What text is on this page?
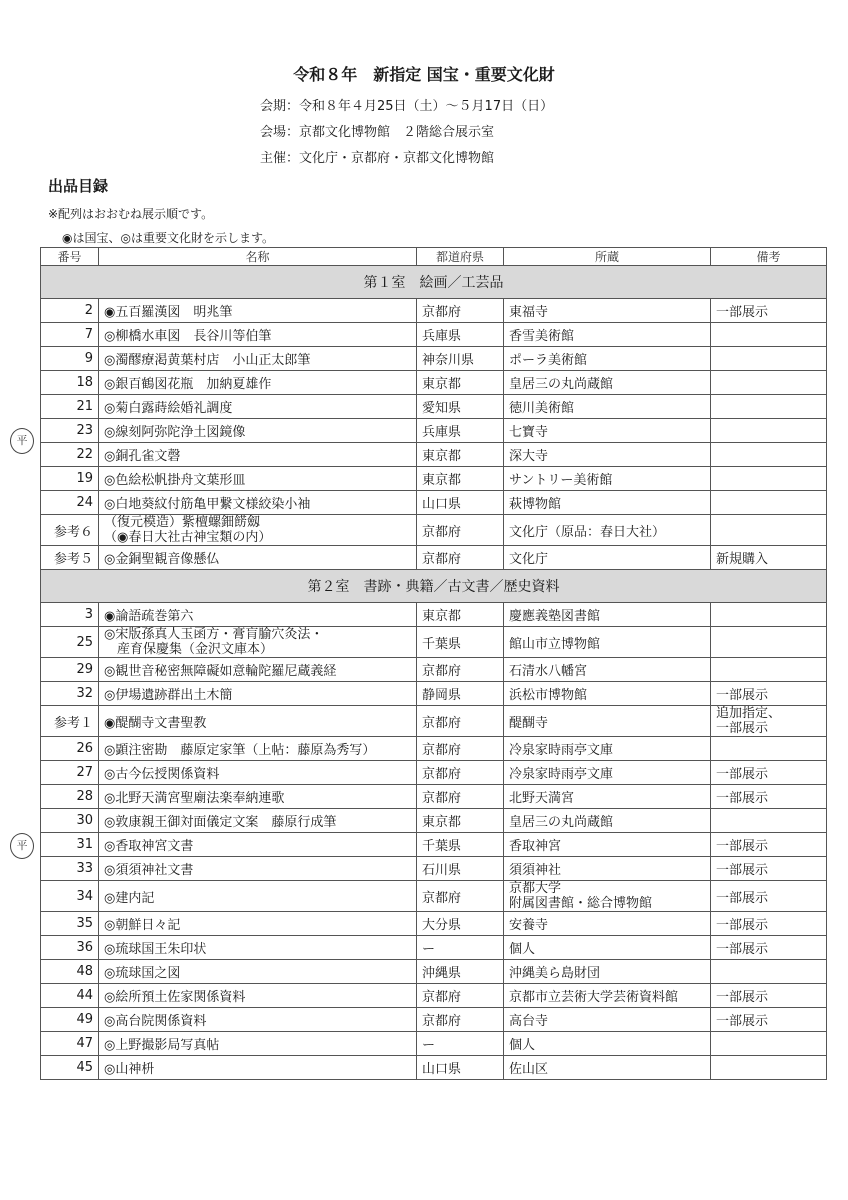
令和８年　新指定 国宝・重要文化財
会期：令和８年４月25日（土）～５月17日（日）
会場：京都文化博物館　２階総合展示室
主催：文化庁・京都府・京都文化博物館
出品目録
※配列はおおむね展示順です。
◉は国宝、◎は重要文化財を示します。
平
平
番号	名称	都道府県	所蔵	備考
第１室　絵画／工芸品				
2	◉五百羅漢図　明兆筆	京都府	東福寺	一部展示
7	◎柳橋水車図　長谷川等伯筆	兵庫県	香雪美術館	
9	◎濁醪療渇黄葉村店　小山正太郎筆	神奈川県	ポーラ美術館	
18	◎銀百鶴図花瓶　加納夏雄作	東京都	皇居三の丸尚蔵館	
21	◎菊白露蒔絵婚礼調度	愛知県	徳川美術館	
23	◎線刻阿弥陀浄土図鏡像	兵庫県	七寶寺	
22	◎銅孔雀文磬	東京都	深大寺	
19	◎色絵松帆掛舟文葉形皿	東京都	サントリー美術館	
24	◎白地葵紋付筋亀甲繋文様絞染小袖	山口県	萩博物館	
参考６	（復元模造）紫檀螺鈿餝劔
（◉春日大社古神宝類の内）	京都府	文化庁（原品：春日大社）	
参考５	◎金銅聖観音像懸仏	京都府	文化庁	新規購入
第２室　書跡・典籍／古文書／歴史資料				
3	◉論語疏巻第六	東京都	慶應義塾図書館	
25	◎宋版孫真人玉函方・膏肓腧穴灸法・
　産育保慶集（金沢文庫本）	千葉県	館山市立博物館	
29	◎観世音秘密無障礙如意輪陀羅尼蔵義経	京都府	石清水八幡宮	
32	◎伊場遺跡群出土木簡	静岡県	浜松市博物館	一部展示
参考１	◉醍醐寺文書聖教	京都府	醍醐寺	追加指定、
一部展示

26	◎顕注密勘　藤原定家筆（上帖：藤原為秀写）	京都府	冷泉家時雨亭文庫	
27	◎古今伝授関係資料	京都府	冷泉家時雨亭文庫	一部展示
28	◎北野天満宮聖廟法楽奉納連歌	京都府	北野天満宮	一部展示
30	◎敦康親王御対面儀定文案　藤原行成筆	東京都	皇居三の丸尚蔵館	
31	◎香取神宮文書	千葉県	香取神宮	一部展示
33	◎須須神社文書	石川県	須須神社	一部展示
34	◎建内記	京都府	京都大学
附属図書館・総合博物館	一部展示
35	◎朝鮮日々記	大分県	安養寺	一部展示
36	◎琉球国王朱印状	ー	個人	一部展示
48	◎琉球国之図	沖縄県	沖縄美ら島財団	
44	◎絵所預土佐家関係資料	京都府	京都市立芸術大学芸術資料館	一部展示
49	◎高台院関係資料	京都府	高台寺	一部展示
47	◎上野撮影局写真帖	ー	個人	
45	◎山神枡	山口県	佐山区	
